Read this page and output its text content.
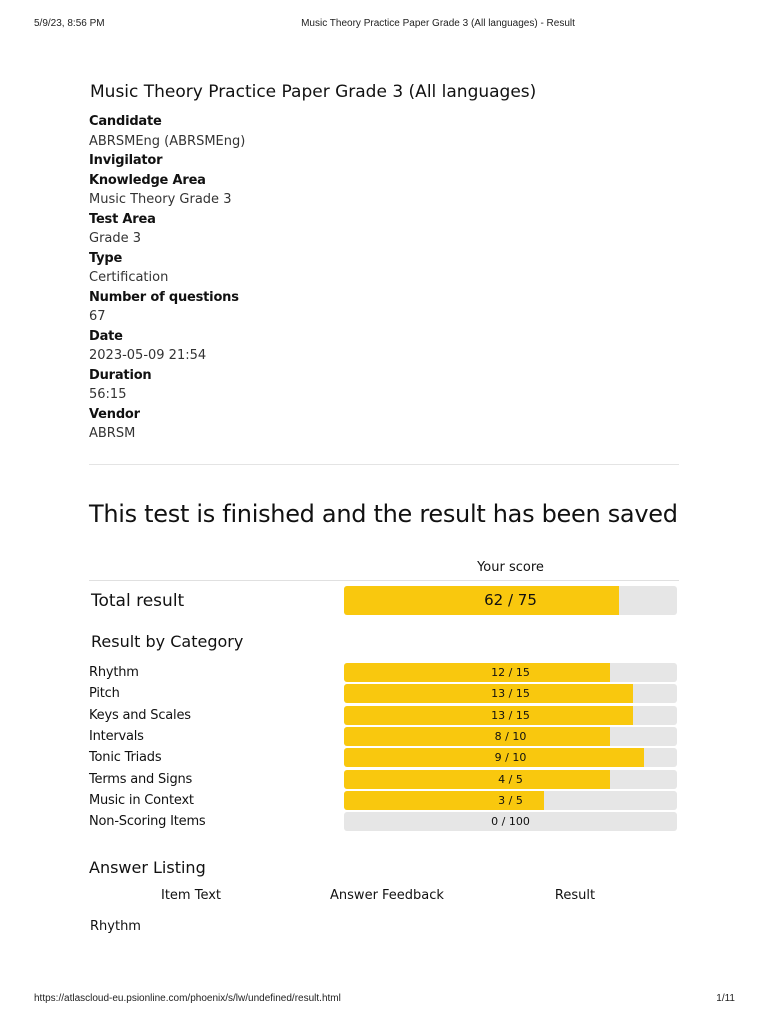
5/9/23, 8:56 PM	Music Theory Practice Paper Grade 3 (All languages) - Result
Music Theory Practice Paper Grade 3 (All languages)
Candidate
ABRSMEng (ABRSMEng)
Invigilator
Knowledge Area
Music Theory Grade 3
Test Area
Grade 3
Type
Certification
Number of questions
67
Date
2023-05-09 21:54
Duration
56:15
Vendor
ABRSM
This test is finished and the result has been saved
Your score
Total result	62 / 75
Result by Category
Rhythm	12 / 15
Pitch	13 / 15
Keys and Scales	13 / 15
Intervals	8 / 10
Tonic Triads	9 / 10
Terms and Signs	4 / 5
Music in Context	3 / 5
Non-Scoring Items	0 / 100
Answer Listing
Item Text	Answer Feedback	Result
Rhythm
https://atlascloud-eu.psionline.com/phoenix/s/lw/undefined/result.html	1/11
